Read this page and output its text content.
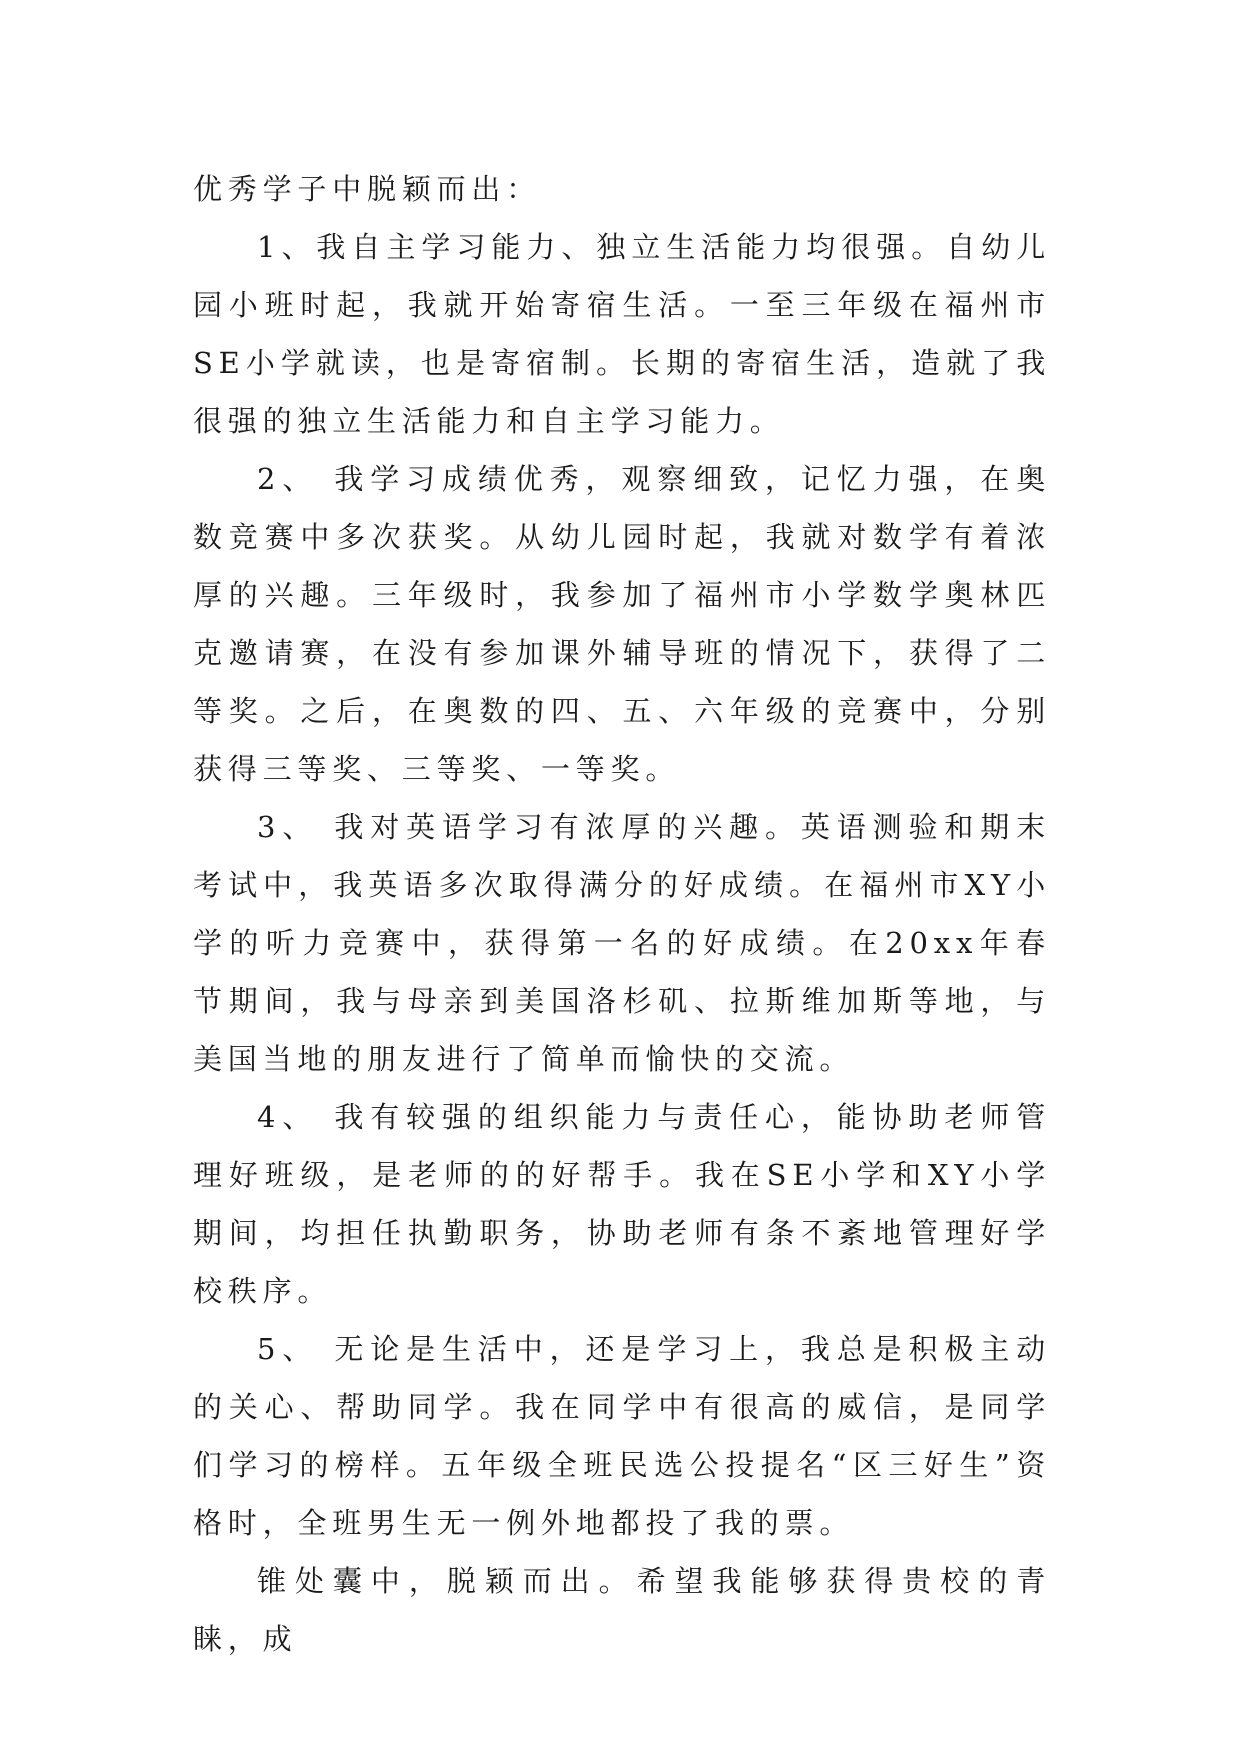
优秀学子中脱颖而出：

1、我自主学习能力、独立生活能力均很强。自幼儿园小班时起，我就开始寄宿生活。一至三年级在福州市SE小学就读，也是寄宿制。长期的寄宿生活，造就了我很强的独立生活能力和自主学习能力。

2、 我学习成绩优秀，观察细致，记忆力强，在奥数竞赛中多次获奖。从幼儿园时起，我就对数学有着浓厚的兴趣。三年级时，我参加了福州市小学数学奥林匹克邀请赛，在没有参加课外辅导班的情况下，获得了二等奖。之后，在奥数的四、五、六年级的竞赛中，分别获得三等奖、三等奖、一等奖。

3、 我对英语学习有浓厚的兴趣。英语测验和期末考试中，我英语多次取得满分的好成绩。在福州市XY小学的听力竞赛中，获得第一名的好成绩。在20xx年春节期间，我与母亲到美国洛杉矶、拉斯维加斯等地，与美国当地的朋友进行了简单而愉快的交流。

4、 我有较强的组织能力与责任心，能协助老师管理好班级，是老师的的好帮手。我在SE小学和XY小学期间，均担任执勤职务，协助老师有条不紊地管理好学校秩序。

5、 无论是生活中，还是学习上，我总是积极主动的关心、帮助同学。我在同学中有很高的威信，是同学们学习的榜样。五年级全班民选公投提名“区三好生”资格时，全班男生无一例外地都投了我的票。

锥处囊中，脱颖而出。希望我能够获得贵校的青睐，成
